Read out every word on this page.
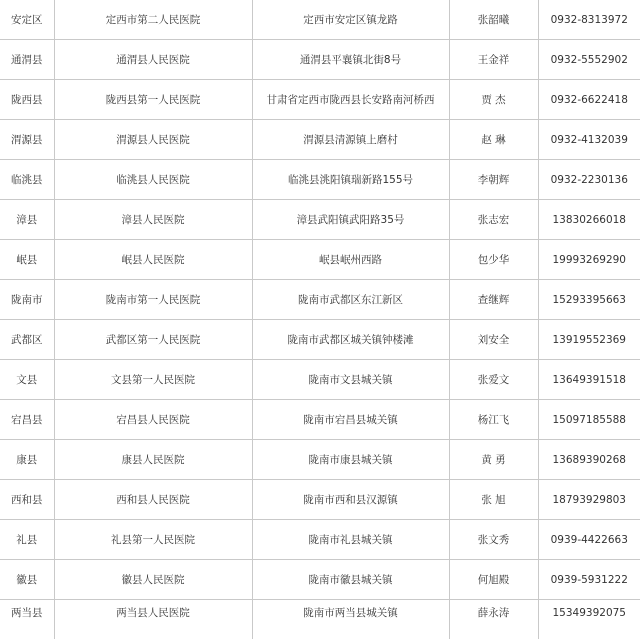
安定区	定西市第二人民医院	定西市安定区镇龙路	张韶曦	0932-8313972
通渭县	通渭县人民医院	通渭县平襄镇北街8号	王金祥	0932-5552902
陇西县	陇西县第一人民医院	甘肃省定西市陇西县长安路南河桥西	贾 杰	0932-6622418
渭源县	渭源县人民医院	渭源县清源镇上磨村	赵 琳	0932-4132039
临洮县	临洮县人民医院	临洮县洮阳镇瑞新路155号	李朝辉	0932-2230136
漳县	漳县人民医院	漳县武阳镇武阳路35号	张志宏	13830266018
岷县	岷县人民医院	岷县岷州西路	包少华	19993269290
陇南市	陇南市第一人民医院	陇南市武都区东江新区	查继辉	15293395663
武都区	武都区第一人民医院	陇南市武都区城关镇钟楼滩	刘安全	13919552369
文县	文县第一人民医院	陇南市文县城关镇	张爱文	13649391518
宕昌县	宕昌县人民医院	陇南市宕昌县城关镇	杨江飞	15097185588
康县	康县人民医院	陇南市康县城关镇	黄 勇	13689390268
西和县	西和县人民医院	陇南市西和县汉源镇	张 旭	18793929803
礼县	礼县第一人民医院	陇南市礼县城关镇	张文秀	0939-4422663
徽县	徽县人民医院	陇南市徽县城关镇	何旭殿	0939-5931222
两当县	两当县人民医院	陇南市两当县城关镇	薛永涛	15349392075
